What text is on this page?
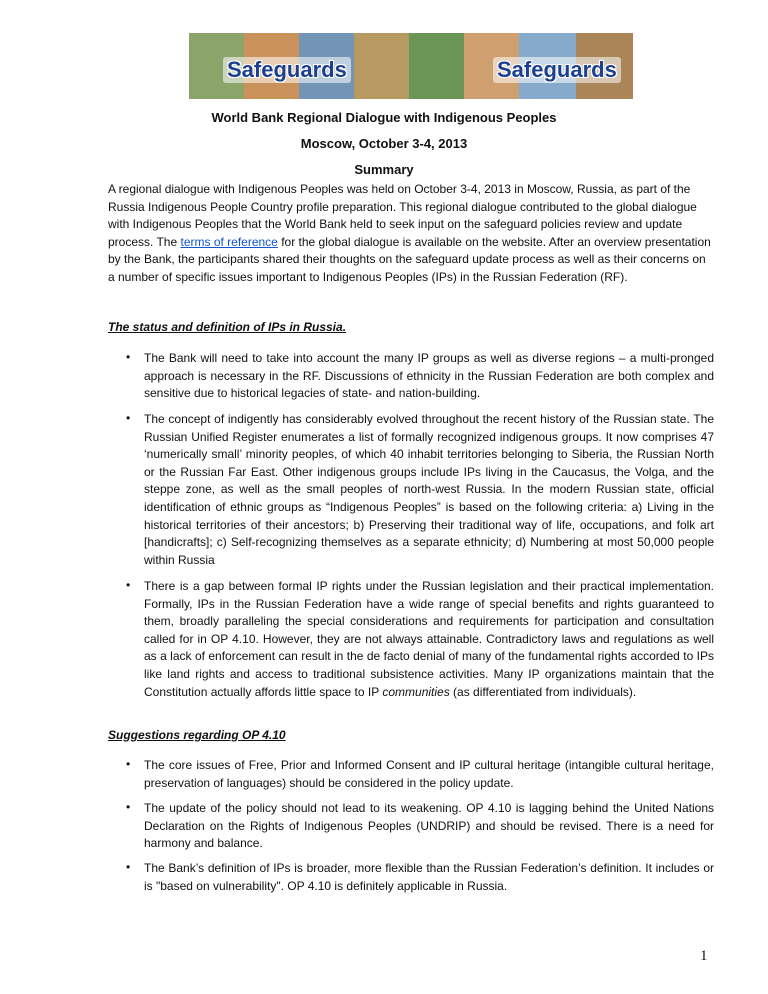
Safeguards	Safeguards
World Bank Regional Dialogue with Indigenous Peoples
Moscow, October 3-4, 2013
Summary
A regional dialogue with Indigenous Peoples was held on October 3-4, 2013 in Moscow, Russia, as part of the Russia Indigenous People Country profile preparation. This regional dialogue contributed to the global dialogue with Indigenous Peoples that the World Bank held to seek input on the safeguard policies review and update process. The terms of reference for the global dialogue is available on the website. After an overview presentation by the Bank, the participants shared their thoughts on the safeguard update process as well as their concerns on a number of specific issues important to Indigenous Peoples (IPs) in the Russian Federation (RF).
The status and definition of IPs in Russia.
• The Bank will need to take into account the many IP groups as well as diverse regions – a multi-pronged approach is necessary in the RF. Discussions of ethnicity in the Russian Federation are both complex and sensitive due to historical legacies of state- and nation-building.
• The concept of indigently has considerably evolved throughout the recent history of the Russian state. The Russian Unified Register enumerates a list of formally recognized indigenous groups. It now comprises 47 ‘numerically small’ minority peoples, of which 40 inhabit territories belonging to Siberia, the Russian North or the Russian Far East. Other indigenous groups include IPs living in the Caucasus, the Volga, and the steppe zone, as well as the small peoples of north-west Russia. In the modern Russian state, official identification of ethnic groups as “Indigenous Peoples” is based on the following criteria: a) Living in the historical territories of their ancestors; b) Preserving their traditional way of life, occupations, and folk art [handicrafts]; c) Self-recognizing themselves as a separate ethnicity; d) Numbering at most 50,000 people within Russia
• There is a gap between formal IP rights under the Russian legislation and their practical implementation. Formally, IPs in the Russian Federation have a wide range of special benefits and rights guaranteed to them, broadly paralleling the special considerations and requirements for participation and consultation called for in OP 4.10. However, they are not always attainable. Contradictory laws and regulations as well as a lack of enforcement can result in the de facto denial of many of the fundamental rights accorded to IPs like land rights and access to traditional subsistence activities. Many IP organizations maintain that the Constitution actually affords little space to IP communities (as differentiated from individuals).
Suggestions regarding OP 4.10
• The core issues of Free, Prior and Informed Consent and IP cultural heritage (intangible cultural heritage, preservation of languages) should be considered in the policy update.
• The update of the policy should not lead to its weakening. OP 4.10 is lagging behind the United Nations Declaration on the Rights of Indigenous Peoples (UNDRIP) and should be revised. There is a need for harmony and balance.
• The Bank’s definition of IPs is broader, more flexible than the Russian Federation’s definition. It includes or is "based on vulnerability". OP 4.10 is definitely applicable in Russia.
1
